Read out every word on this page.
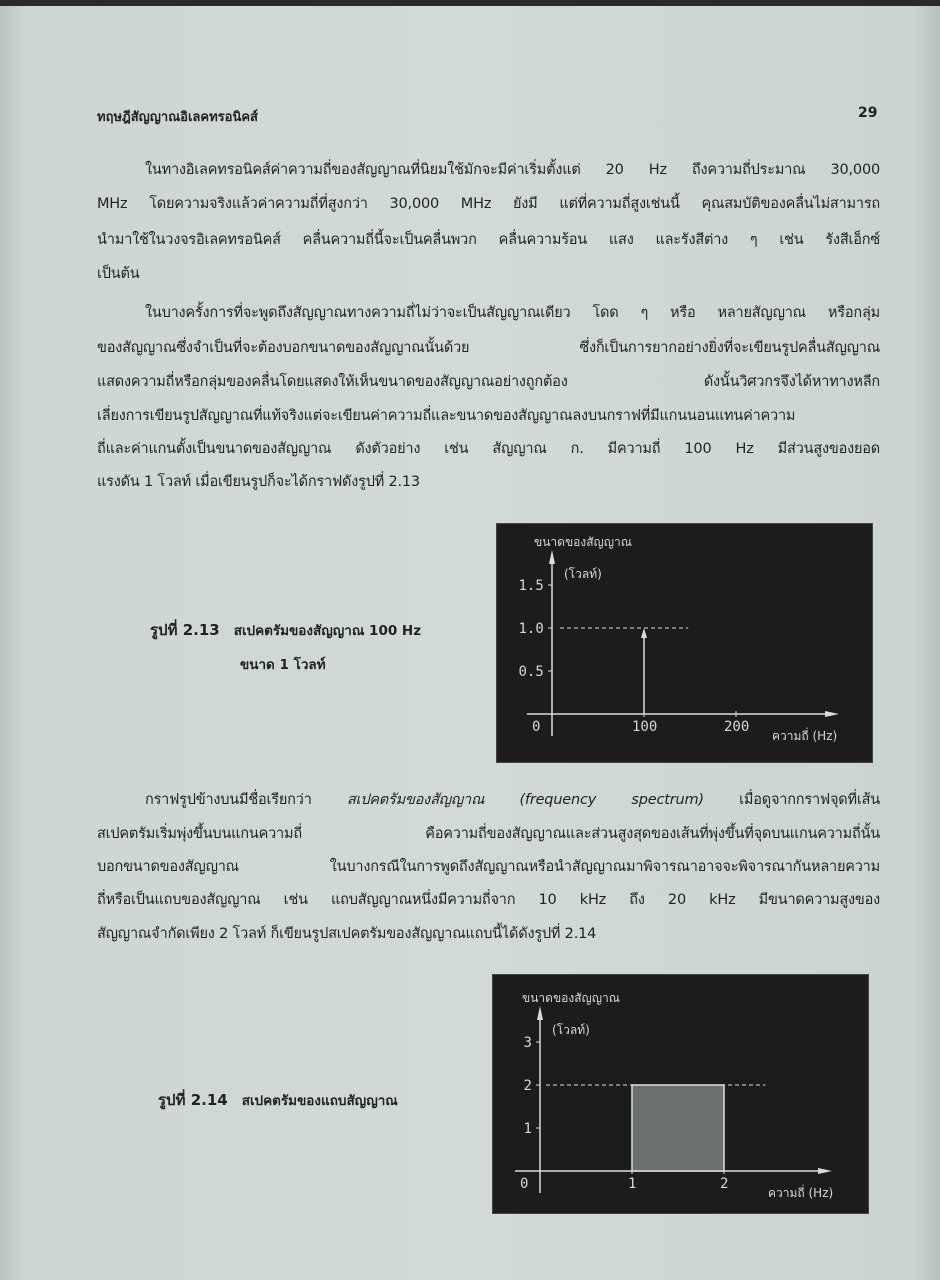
ทฤษฎีสัญญาณอิเลคทรอนิคส์	29
ในทางอิเลคทรอนิคส์ค่าความถี่ของสัญญาณที่นิยมใช้มักจะมีค่าเริ่มตั้งแต่ 20 Hz ถึงความถี่ประมาณ 30,000
MHz โดยความจริงแล้วค่าความถี่ที่สูงกว่า 30,000 MHz ยังมี แต่ที่ความถี่สูงเช่นนี้ คุณสมบัติของคลื่นไม่สามารถ
นำมาใช้ในวงจรอิเลคทรอนิคส์ คลื่นความถี่นี้จะเป็นคลื่นพวก คลื่นความร้อน แสง และรังสีต่าง ๆ เช่น รังสีเอ็กซ์
เป็นต้น
ในบางครั้งการที่จะพูดถึงสัญญาณทางความถี่ไม่ว่าจะเป็นสัญญาณเดียว โดด ๆ หรือ หลายสัญญาณ หรือกลุ่ม
ของสัญญาณซึ่งจำเป็นที่จะต้องบอกขนาดของสัญญาณนั้นด้วย ซึ่งก็เป็นการยากอย่างยิ่งที่จะเขียนรูปคลื่นสัญญาณ
แสดงความถี่หรือกลุ่มของคลื่นโดยแสดงให้เห็นขนาดของสัญญาณอย่างถูกต้อง ดังนั้นวิศวกรจึงได้หาทางหลีก
เลี่ยงการเขียนรูปสัญญาณที่แท้จริงแต่จะเขียนค่าความถี่และขนาดของสัญญาณลงบนกราฟที่มีแกนนอนแทนค่าความ
ถี่และค่าแกนตั้งเป็นขนาดของสัญญาณ ดังตัวอย่าง เช่น สัญญาณ ก. มีความถี่ 100 Hz มีส่วนสูงของยอด
แรงดัน 1 โวลท์ เมื่อเขียนรูปก็จะได้กราฟดังรูปที่ 2.13
รูปที่ 2.13 สเปคตรัมของสัญญาณ 100 Hz
ขนาด 1 โวลท์
ขนาดของสัญญาณ
(โวลท์)
ความถี่ (Hz)
0	100	200
0.5
1.0
1.5
กราฟรูปข้างบนมีชื่อเรียกว่า สเปคตรัมของสัญญาณ (frequency spectrum) เมื่อดูจากกราฟจุดที่เส้น
สเปคตรัมเริ่มพุ่งขึ้นบนแกนความถี่ คือความถี่ของสัญญาณและส่วนสูงสุดของเส้นที่พุ่งขึ้นที่จุดบนแกนความถี่นั้น
บอกขนาดของสัญญาณ ในบางกรณีในการพูดถึงสัญญาณหรือนำสัญญาณมาพิจารณาอาจจะพิจารณากันหลายความ
ถี่หรือเป็นแถบของสัญญาณ เช่น แถบสัญญาณหนึ่งมีความถี่จาก 10 kHz ถึง 20 kHz มีขนาดความสูงของ
สัญญาณจำกัดเพียง 2 โวลท์ ก็เขียนรูปสเปคตรัมของสัญญาณแถบนี้ได้ดังรูปที่ 2.14
รูปที่ 2.14 สเปคตรัมของแถบสัญญาณ
ขนาดของสัญญาณ
(โวลท์)
ความถี่ (Hz)
0	1	2
1
2
3
